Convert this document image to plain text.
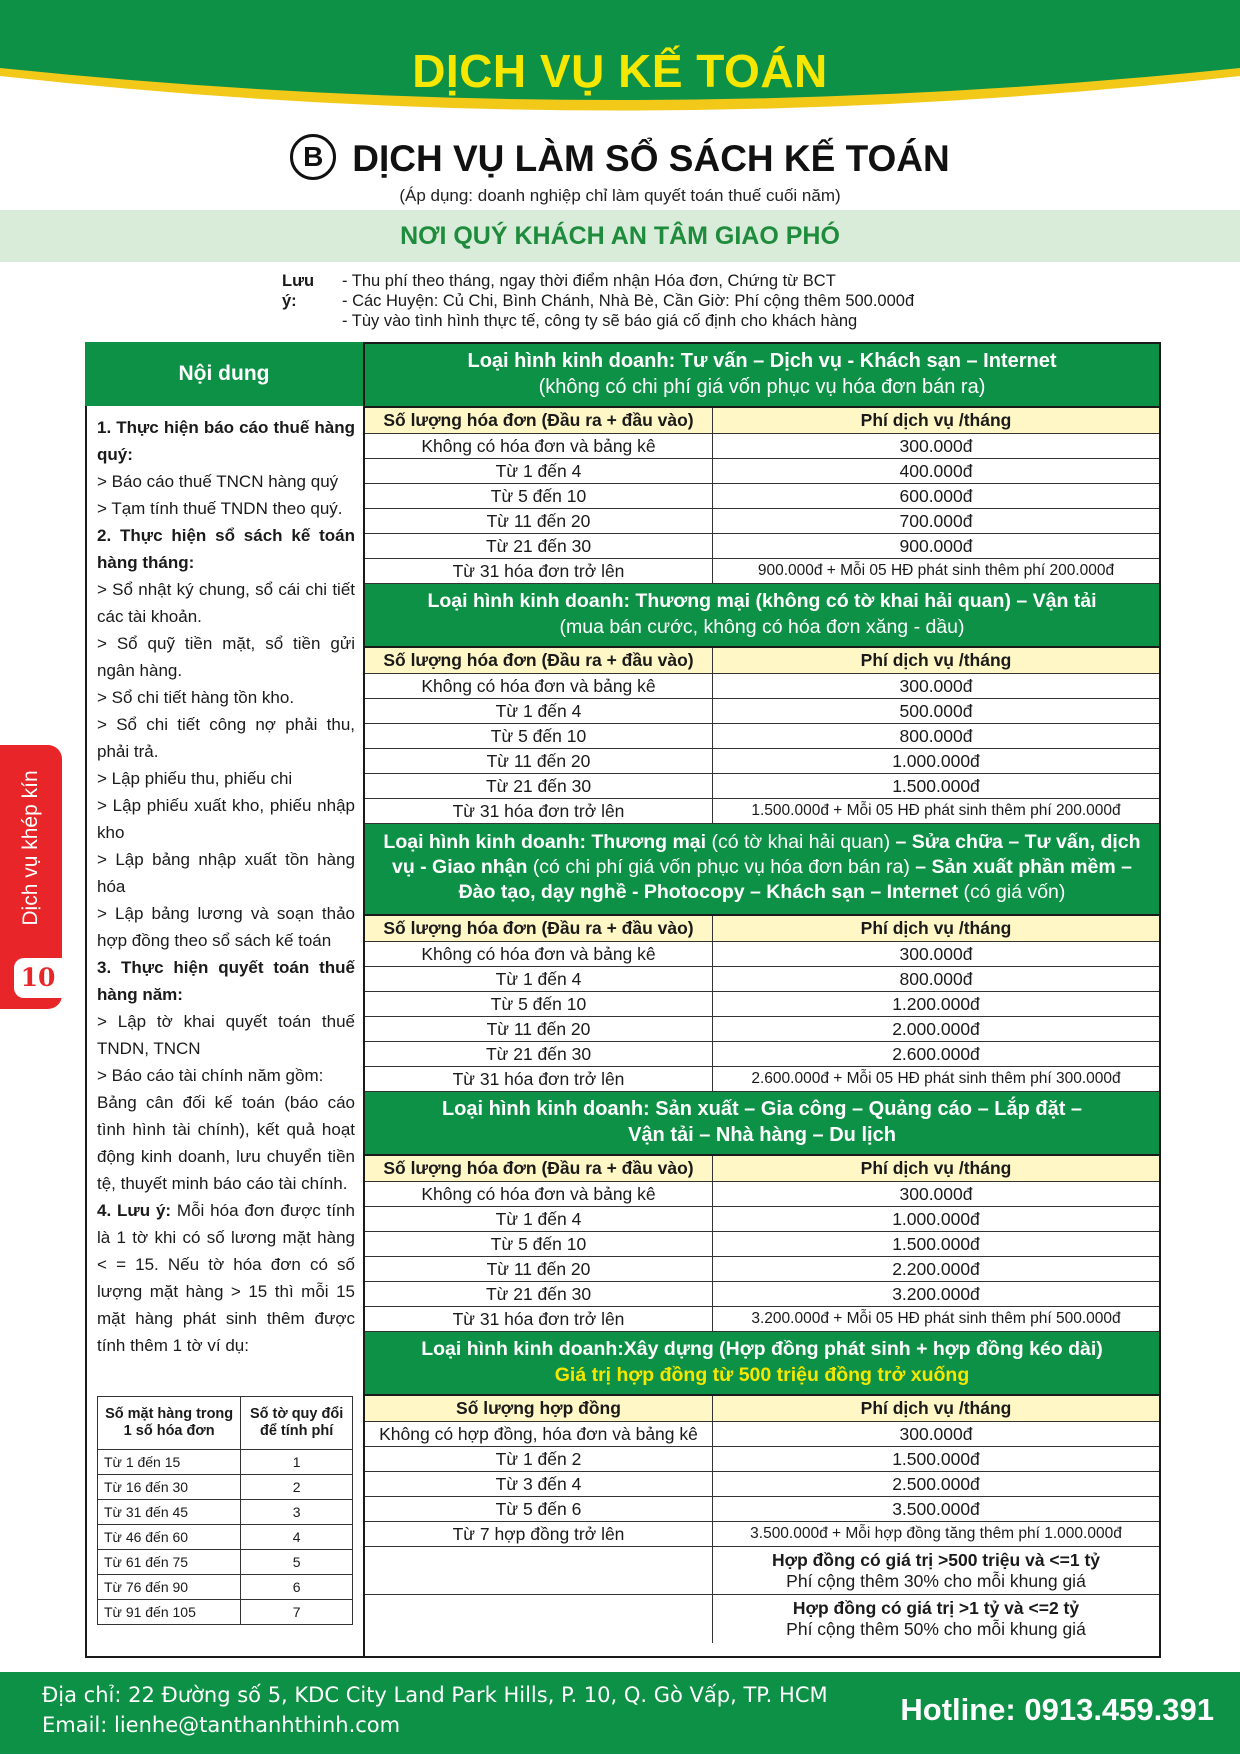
DỊCH VỤ KẾ TOÁN
B DỊCH VỤ LÀM SỔ SÁCH KẾ TOÁN
(Áp dụng: doanh nghiệp chỉ làm quyết toán thuế cuối năm)
NƠI QUÝ KHÁCH AN TÂM GIAO PHÓ
Lưu ý:
- Thu phí theo tháng, ngay thời điểm nhận Hóa đơn, Chứng từ BCT
- Các Huyện: Củ Chi, Bình Chánh, Nhà Bè, Cần Giờ: Phí cộng thêm 500.000đ
- Tùy vào tình hình thực tế, công ty sẽ báo giá cố định cho khách hàng
Nội dung
1. Thực hiện báo cáo thuế hàng quý:
> Báo cáo thuế TNCN hàng quý
> Tạm tính thuế TNDN theo quý.
2. Thực hiện sổ sách kế toán hàng tháng:
> Sổ nhật ký chung, sổ cái chi tiết các tài khoản.
> Sổ quỹ tiền mặt, sổ tiền gửi ngân hàng.
> Sổ chi tiết hàng tồn kho.
> Sổ chi tiết công nợ phải thu, phải trả.
> Lập phiếu thu, phiếu chi
> Lập phiếu xuất kho, phiếu nhập kho
> Lập bảng nhập xuất tồn hàng hóa
> Lập bảng lương và soạn thảo hợp đồng theo sổ sách kế toán
3. Thực hiện quyết toán thuế hàng năm:
> Lập tờ khai quyết toán thuế TNDN, TNCN
> Báo cáo tài chính năm gồm:
Bảng cân đối kế toán (báo cáo tình hình tài chính), kết quả hoạt động kinh doanh, lưu chuyển tiền tệ, thuyết minh báo cáo tài chính.
4. Lưu ý: Mỗi hóa đơn được tính là 1 tờ khi có số lương mặt hàng < = 15. Nếu tờ hóa đơn có số lượng mặt hàng > 15 thì mỗi 15 mặt hàng phát sinh thêm được tính thêm 1 tờ ví dụ:
Số mặt hàng trong 1 số hóa đơn	Số tờ quy đổi để tính phí
Từ 1 đến 15	1
Từ 16 đến 30	2
Từ 31 đến 45	3
Từ 46 đến 60	4
Từ 61 đến 75	5
Từ 76 đến 90	6
Từ 91 đến 105	7
Loại hình kinh doanh: Tư vấn – Dịch vụ - Khách sạn – Internet
(không có chi phí giá vốn phục vụ hóa đơn bán ra)
Số lượng hóa đơn (Đầu ra + đầu vào)	Phí dịch vụ /tháng
Không có hóa đơn và bảng kê	300.000đ
Từ 1 đến 4	400.000đ
Từ 5 đến 10	600.000đ
Từ 11 đến 20	700.000đ
Từ 21 đến 30	900.000đ
Từ 31 hóa đơn trở lên	900.000đ + Mỗi 05 HĐ phát sinh thêm phí 200.000đ
Loại hình kinh doanh: Thương mại (không có tờ khai hải quan) – Vận tải
(mua bán cước, không có hóa đơn xăng - dầu)
Số lượng hóa đơn (Đầu ra + đầu vào)	Phí dịch vụ /tháng
Không có hóa đơn và bảng kê	300.000đ
Từ 1 đến 4	500.000đ
Từ 5 đến 10	800.000đ
Từ 11 đến 20	1.000.000đ
Từ 21 đến 30	1.500.000đ
Từ 31 hóa đơn trở lên	1.500.000đ + Mỗi 05 HĐ phát sinh thêm phí 200.000đ
Loại hình kinh doanh: Thương mại (có tờ khai hải quan) – Sửa chữa – Tư vấn, dịch vụ - Giao nhận (có chi phí giá vốn phục vụ hóa đơn bán ra) – Sản xuất phần mềm – Đào tạo, dạy nghề - Photocopy – Khách sạn – Internet (có giá vốn)
Số lượng hóa đơn (Đầu ra + đầu vào)	Phí dịch vụ /tháng
Không có hóa đơn và bảng kê	300.000đ
Từ 1 đến 4	800.000đ
Từ 5 đến 10	1.200.000đ
Từ 11 đến 20	2.000.000đ
Từ 21 đến 30	2.600.000đ
Từ 31 hóa đơn trở lên	2.600.000đ + Mỗi 05 HĐ phát sinh thêm phí 300.000đ
Loại hình kinh doanh: Sản xuất – Gia công – Quảng cáo – Lắp đặt –
Vận tải – Nhà hàng – Du lịch
Số lượng hóa đơn (Đầu ra + đầu vào)	Phí dịch vụ /tháng
Không có hóa đơn và bảng kê	300.000đ
Từ 1 đến 4	1.000.000đ
Từ 5 đến 10	1.500.000đ
Từ 11 đến 20	2.200.000đ
Từ 21 đến 30	3.200.000đ
Từ 31 hóa đơn trở lên	3.200.000đ + Mỗi 05 HĐ phát sinh thêm phí 500.000đ
Loại hình kinh doanh:Xây dựng (Hợp đồng phát sinh + hợp đồng kéo dài)
Giá trị hợp đồng từ 500 triệu đồng trở xuống
Số lượng hợp đồng	Phí dịch vụ /tháng
Không có hợp đồng, hóa đơn và bảng kê	300.000đ
Từ 1 đến 2	1.500.000đ
Từ 3 đến 4	2.500.000đ
Từ 5 đến 6	3.500.000đ
Từ 7 hợp đồng trở lên	3.500.000đ + Mỗi hợp đồng tăng thêm phí 1.000.000đ
Hợp đồng có giá trị >500 triệu và <=1 tỷ
Phí cộng thêm 30% cho mỗi khung giá
Hợp đồng có giá trị >1 tỷ và <=2 tỷ
Phí cộng thêm 50% cho mỗi khung giá
Dịch vụ khép kín
10
Địa chỉ: 22 Đường số 5, KDC City Land Park Hills, P. 10, Q. Gò Vấp, TP. HCM
Email: lienhe@tanthanhthinh.com	Hotline: 0913.459.391
